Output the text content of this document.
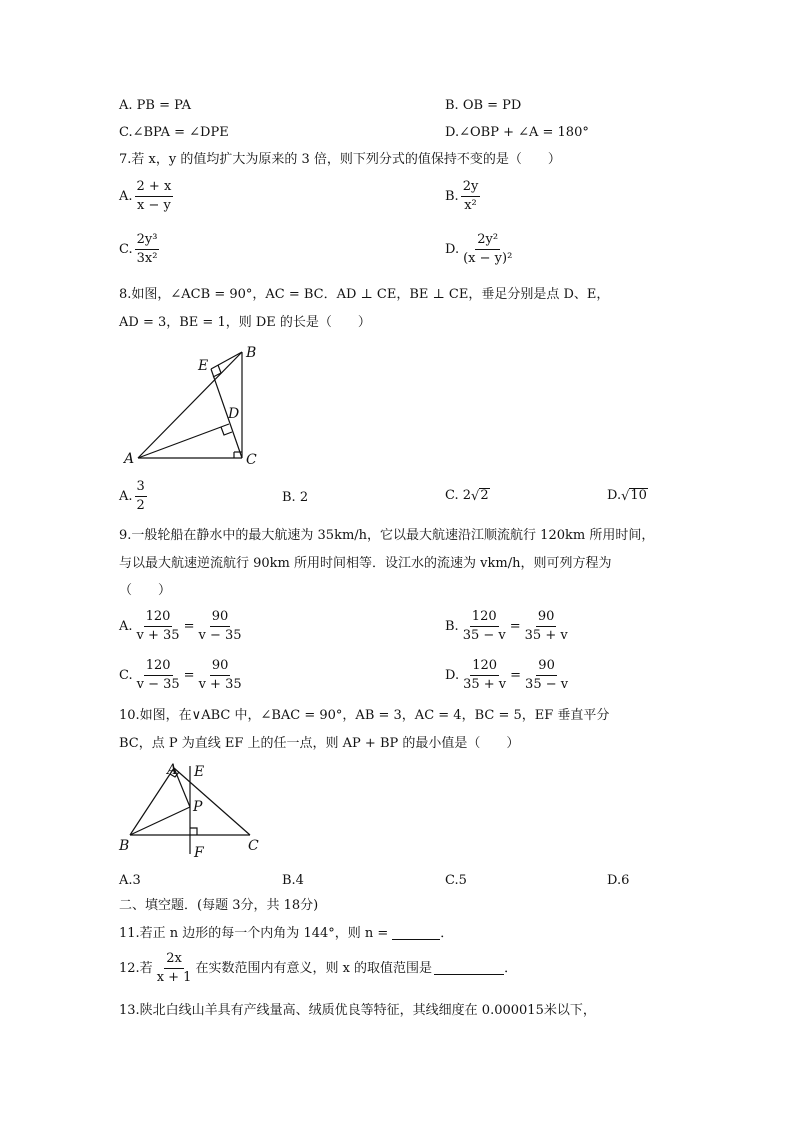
A. PB = PA	B. OB = PD
C.∠BPA = ∠DPE	D.∠OBP + ∠A = 180°
7.若 x，y 的值均扩大为原来的 3 倍，则下列分式的值保持不变的是（　　）
A. $\frac{2 + x}{x - y}$	B. $\frac{2y}{\text{x²}}$
C. $\frac{\text{2y³}}{\text{3x²}}$	D. $\frac{\text{2y²}}{\text{(x − y)²}}$
8.如图，∠ACB = 90°，AC = BC．AD ⊥ CE，BE ⊥ CE，垂足分别是点 D、E，
AD = 3，BE = 1，则 DE 的长是（　　）
A
B
C
D
E
A. $\frac{3}{2}$	B. 2	C. 2 √ 2	D. √ 10
9.一般轮船在静水中的最大航速为 35km/h，它以最大航速沿江顺流航行 120km 所用时间，
与以最大航速逆流航行 90km 所用时间相等．设江水的流速为 vkm/h，则可列方程为
（　　）
A. $\frac{120}{v + 35} = \frac{90}{v - 35}$	B. $\frac{120}{35 - v} = \frac{90}{35 + v}$
C. $\frac{120}{v - 35} = \frac{90}{v + 35}$	D. $\frac{120}{35 + v} = \frac{90}{35 - v}$
10.如图，在∨ABC 中，∠BAC = 90°，AB = 3，AC = 4，BC = 5，EF 垂直平分
BC，点 P 为直线 EF 上的任一点，则 AP + BP 的最小值是（　　）
A E
P
B	C
F
A.3	B.4	C.5	D.6
二、填空题．(每题 3分，共 18分)
11.若正 n 边形的每一个内角为 144°，则 n =	．
12.若 $\frac{2x}{x + 1}$ 在实数范围内有意义，则 x 的取值范围是	．
13.陕北白线山羊具有产线量高、绒质优良等特征，其线细度在 0.000015米以下，
